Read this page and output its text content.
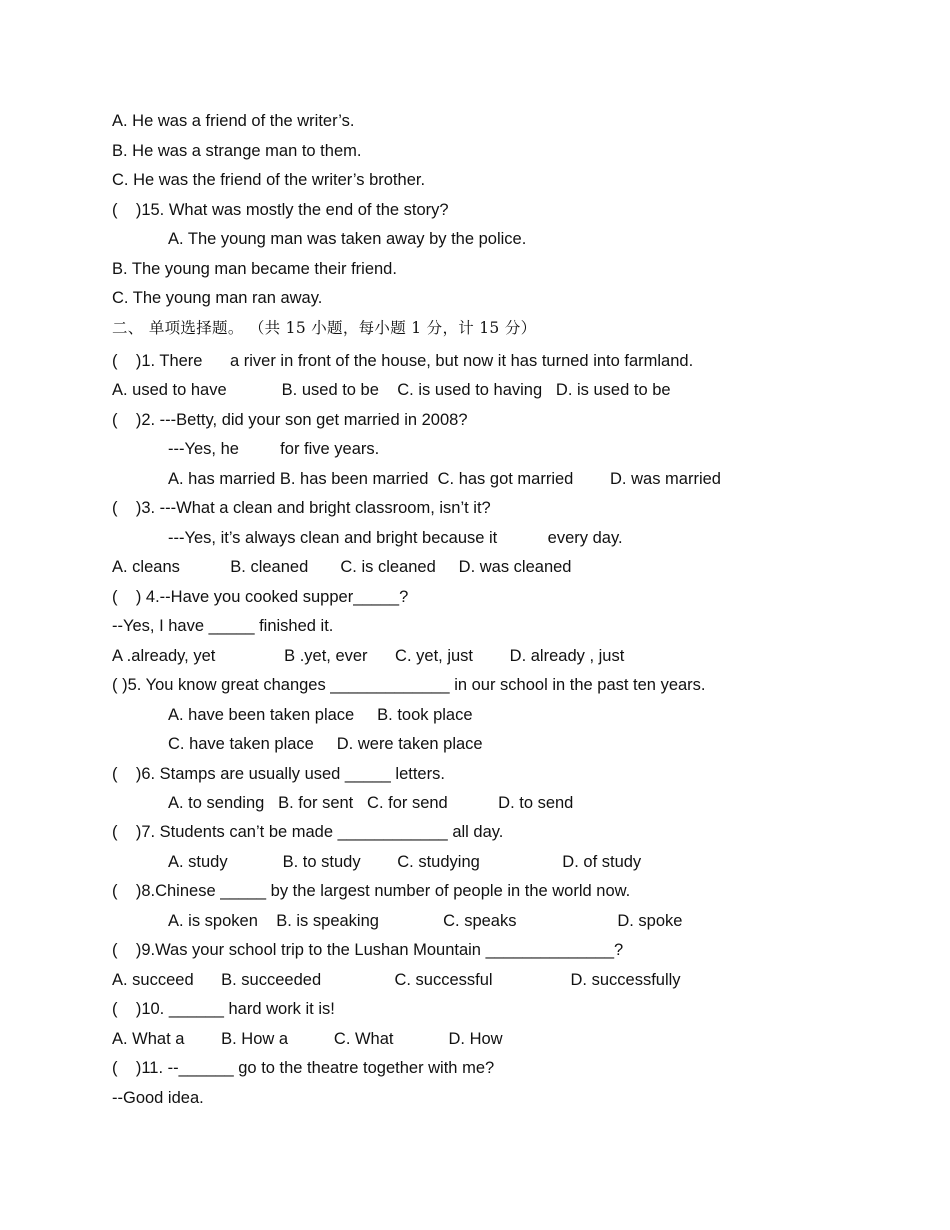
A. He was a friend of the writer’s.
B. He was a strange man to them.
C. He was the friend of the writer’s brother.
(    )15. What was mostly the end of the story?
A. The young man was taken away by the police.
B. The young man became their friend.
C. The young man ran away.
二、 单项选择题。 （共 15 小题，每小题 1 分，计 15 分）
(    )1. There      a river in front of the house, but now it has turned into farmland.
A. used to have            B. used to be    C. is used to having   D. is used to be
(    )2. ---Betty, did your son get married in 2008?
---Yes, he         for five years.
A. has married B. has been married  C. has got married        D. was married
(    )3. ---What a clean and bright classroom, isn’t it?
---Yes, it’s always clean and bright because it           every day.
A. cleans           B. cleaned       C. is cleaned     D. was cleaned
(    ) 4.--Have you cooked supper_____?
--Yes, I have _____ finished it.
A .already, yet               B .yet, ever      C. yet, just        D. already , just
( )5. You know great changes _____________ in our school in the past ten years.
A. have been taken place     B. took place
C. have taken place     D. were taken place
(    )6. Stamps are usually used _____ letters.
A. to sending   B. for sent   C. for send           D. to send
(    )7. Students can’t be made ____________ all day.
A. study            B. to study        C. studying                  D. of study
(    )8.Chinese _____ by the largest number of people in the world now.
A. is spoken    B. is speaking              C. speaks                      D. spoke
(    )9.Was your school trip to the Lushan Mountain ______________?
A. succeed      B. succeeded                C. successful                 D. successfully
(    )10. ______ hard work it is!
A. What a        B. How a          C. What            D. How
(    )11. --______ go to the theatre together with me?
--Good idea.
